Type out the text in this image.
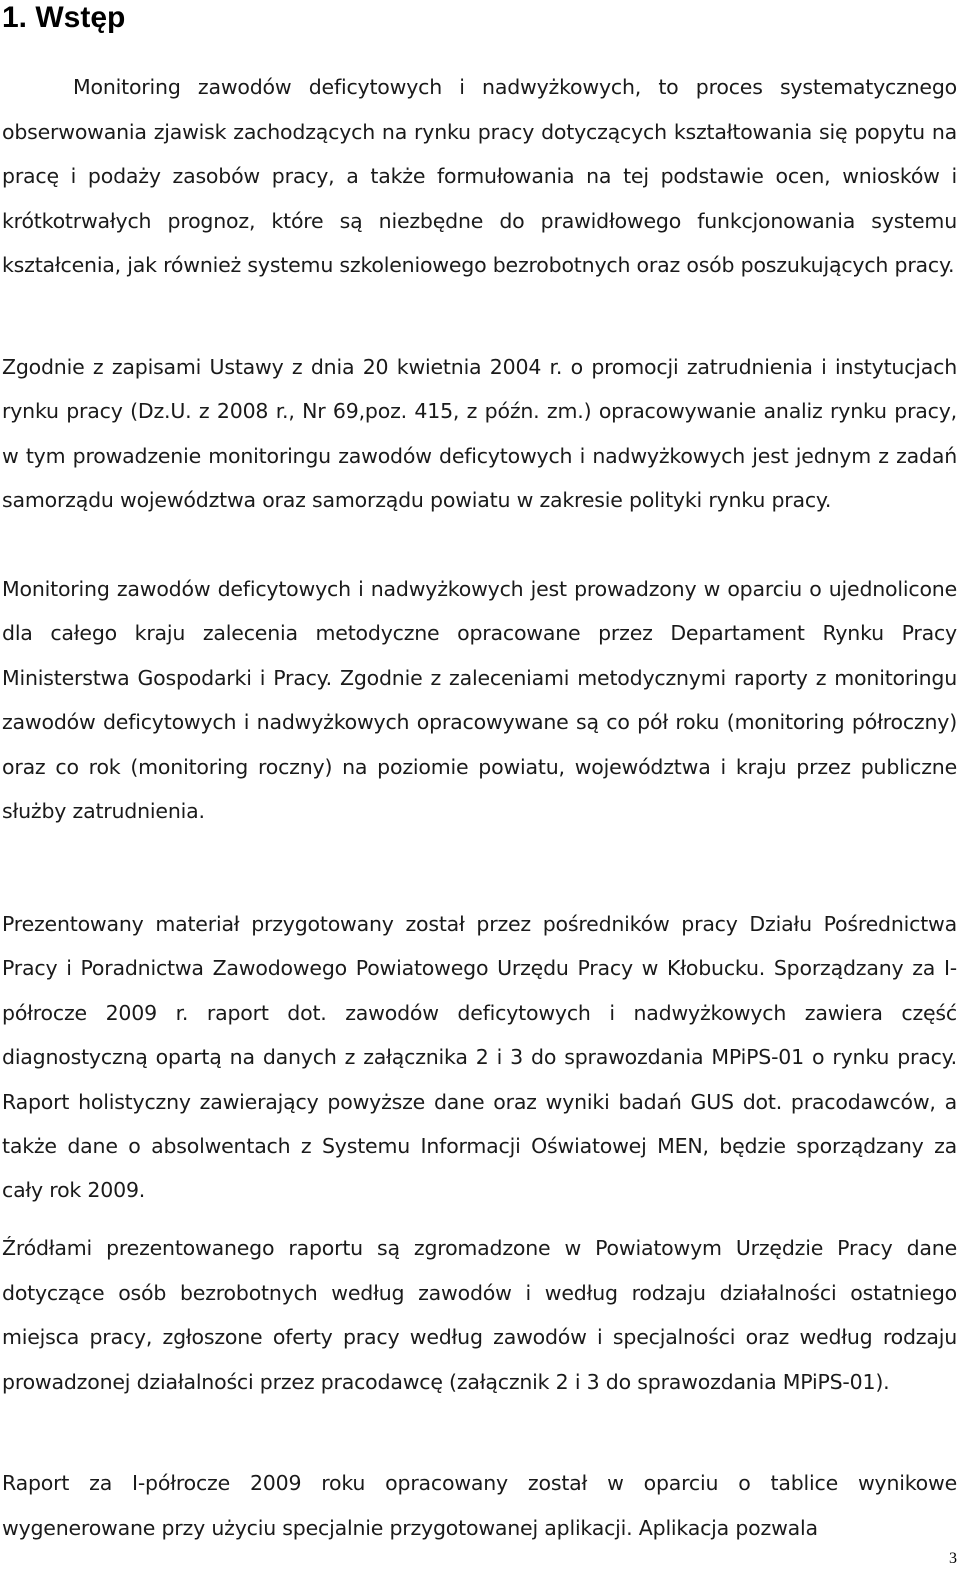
1. Wstęp

Monitoring zawodów deficytowych i nadwyżkowych, to proces systematycznego obserwowania zjawisk zachodzących na rynku pracy dotyczących kształtowania się popytu na pracę i podaży zasobów pracy, a także formułowania na tej podstawie ocen, wniosków i krótkotrwałych prognoz, które są niezbędne do prawidłowego funkcjonowania systemu kształcenia, jak również systemu szkoleniowego bezrobotnych oraz osób poszukujących pracy.

Zgodnie z zapisami Ustawy z dnia 20 kwietnia 2004 r. o promocji zatrudnienia i instytucjach rynku pracy (Dz.U. z 2008 r., Nr 69,poz. 415, z późn. zm.) opracowywanie analiz rynku pracy, w tym prowadzenie monitoringu zawodów deficytowych i nadwyżkowych jest jednym z zadań samorządu województwa oraz samorządu powiatu w zakresie polityki rynku pracy.

Monitoring zawodów deficytowych i nadwyżkowych jest prowadzony w oparciu o ujednolicone dla całego kraju zalecenia metodyczne opracowane przez Departament Rynku Pracy Ministerstwa Gospodarki i Pracy. Zgodnie z zaleceniami metodycznymi raporty z monitoringu zawodów deficytowych i nadwyżkowych opracowywane są co pół roku (monitoring półroczny) oraz co rok (monitoring roczny) na poziomie powiatu, województwa i kraju przez publiczne służby zatrudnienia.

Prezentowany materiał przygotowany został przez pośredników pracy Działu Pośrednictwa Pracy i Poradnictwa Zawodowego Powiatowego Urzędu Pracy w Kłobucku. Sporządzany za I-półrocze 2009 r. raport dot. zawodów deficytowych i nadwyżkowych zawiera część diagnostyczną opartą na danych z załącznika 2 i 3 do sprawozdania MPiPS-01 o rynku pracy. Raport holistyczny zawierający powyższe dane oraz wyniki badań GUS dot. pracodawców, a także dane o absolwentach z Systemu Informacji Oświatowej MEN, będzie sporządzany za cały rok 2009.

Źródłami prezentowanego raportu są zgromadzone w Powiatowym Urzędzie Pracy dane dotyczące osób bezrobotnych według zawodów i według rodzaju działalności ostatniego miejsca pracy, zgłoszone oferty pracy według zawodów i specjalności oraz według rodzaju prowadzonej działalności przez pracodawcę (załącznik 2 i 3 do sprawozdania MPiPS-01).

Raport za I-półrocze 2009 roku opracowany został w oparciu o tablice wynikowe wygenerowane przy użyciu specjalnie przygotowanej aplikacji. Aplikacja pozwala

3
